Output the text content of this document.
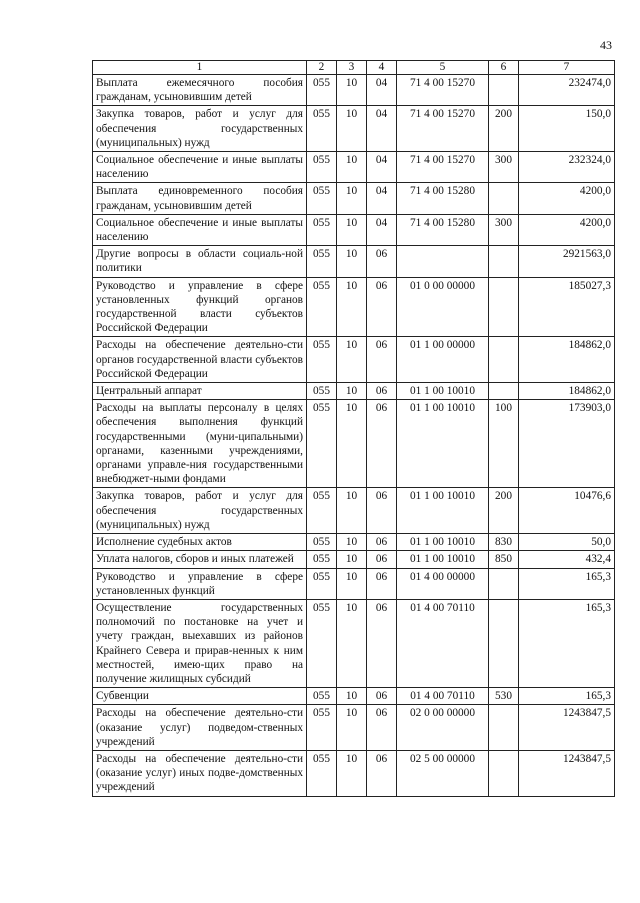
43
1	2	3	4	5	6	7
Выплата ежемесячного пособия гражданам, усыновившим детей	055	10	04	71 4 00 15270		232474,0
Закупка товаров, работ и услуг для обеспечения государственных (муниципальных) нужд	055	10	04	71 4 00 15270	200	150,0
Социальное обеспечение и иные выплаты населению	055	10	04	71 4 00 15270	300	232324,0
Выплата единовременного пособия гражданам, усыновившим детей	055	10	04	71 4 00 15280		4200,0
Социальное обеспечение и иные выплаты населению	055	10	04	71 4 00 15280	300	4200,0
Другие вопросы в области социаль-ной политики	055	10	06			2921563,0
Руководство и управление в сфере установленных функций органов государственной власти субъектов Российской Федерации	055	10	06	01 0 00 00000		185027,3
Расходы на обеспечение деятельно-сти органов государственной власти субъектов Российской Федерации	055	10	06	01 1 00 00000		184862,0
Центральный аппарат	055	10	06	01 1 00 10010		184862,0
Расходы на выплаты персоналу в целях обеспечения выполнения функций государственными (муни-ципальными) органами, казенными учреждениями, органами управле-ния государственными внебюджет-ными фондами	055	10	06	01 1 00 10010	100	173903,0
Закупка товаров, работ и услуг для обеспечения государственных (муниципальных) нужд	055	10	06	01 1 00 10010	200	10476,6
Исполнение судебных актов	055	10	06	01 1 00 10010	830	50,0
Уплата налогов, сборов и иных платежей	055	10	06	01 1 00 10010	850	432,4
Руководство и управление в сфере установленных функций	055	10	06	01 4 00 00000		165,3
Осуществление государственных полномочий по постановке на учет и учету граждан, выехавших из районов Крайнего Севера и прирав-ненных к ним местностей, имею-щих право на получение жилищных субсидий	055	10	06	01 4 00 70110		165,3
Субвенции	055	10	06	01 4 00 70110	530	165,3
Расходы на обеспечение деятельно-сти (оказание услуг) подведом-ственных учреждений	055	10	06	02 0 00 00000		1243847,5
Расходы на обеспечение деятельно-сти (оказание услуг) иных подве-домственных учреждений	055	10	06	02 5 00 00000		1243847,5
